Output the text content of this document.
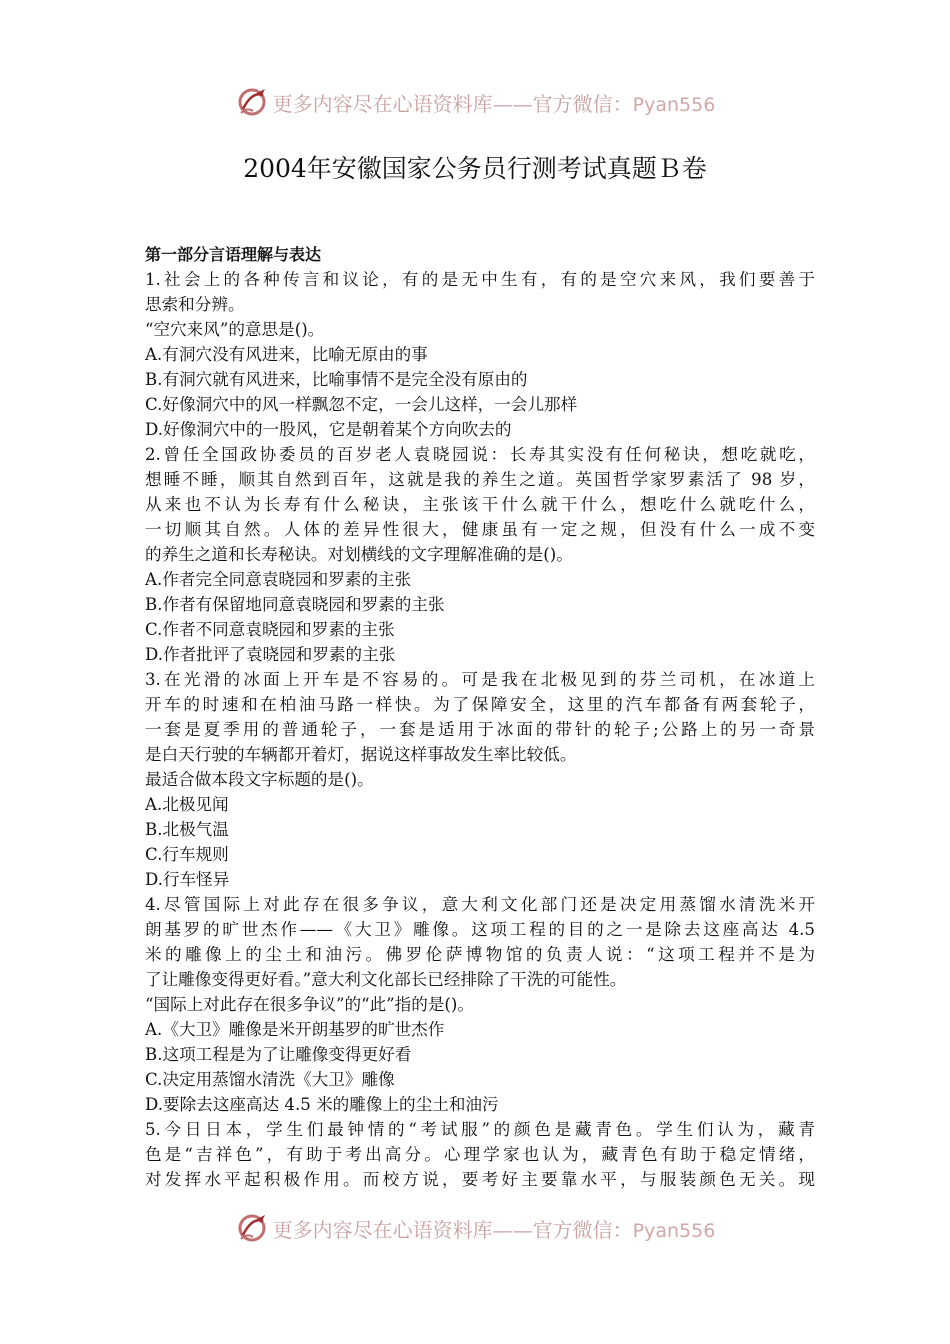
更多内容尽在心语资料库——官方微信：Pyan556
2004年安徽国家公务员行测考试真题Ｂ卷
第一部分言语理解与表达
1.社会上的各种传言和议论，有的是无中生有，有的是空穴来风，我们要善于
思索和分辨。
“空穴来风”的意思是()。
A.有洞穴没有风进来，比喻无原由的事
B.有洞穴就有风进来，比喻事情不是完全没有原由的
C.好像洞穴中的风一样飘忽不定，一会儿这样，一会儿那样
D.好像洞穴中的一股风，它是朝着某个方向吹去的
2.曾任全国政协委员的百岁老人袁晓园说：长寿其实没有任何秘诀，想吃就吃，
想睡不睡，顺其自然到百年，这就是我的养生之道。英国哲学家罗素活了 98 岁，
从来也不认为长寿有什么秘诀，主张该干什么就干什么，想吃什么就吃什么，
一切顺其自然。人体的差异性很大，健康虽有一定之规，但没有什么一成不变
的养生之道和长寿秘诀。对划横线的文字理解准确的是()。
A.作者完全同意袁晓园和罗素的主张
B.作者有保留地同意袁晓园和罗素的主张
C.作者不同意袁晓园和罗素的主张
D.作者批评了袁晓园和罗素的主张
3.在光滑的冰面上开车是不容易的。可是我在北极见到的芬兰司机，在冰道上
开车的时速和在柏油马路一样快。为了保障安全，这里的汽车都备有两套轮子，
一套是夏季用的普通轮子，一套是适用于冰面的带针的轮子;公路上的另一奇景
是白天行驶的车辆都开着灯，据说这样事故发生率比较低。
最适合做本段文字标题的是()。
A.北极见闻
B.北极气温
C.行车规则
D.行车怪异
4.尽管国际上对此存在很多争议，意大利文化部门还是决定用蒸馏水清洗米开
朗基罗的旷世杰作——《大卫》雕像。这项工程的目的之一是除去这座高达 4.5
米的雕像上的尘土和油污。佛罗伦萨博物馆的负责人说：“这项工程并不是为
了让雕像变得更好看。”意大利文化部长已经排除了干洗的可能性。
“国际上对此存在很多争议”的“此”指的是()。
A.《大卫》雕像是米开朗基罗的旷世杰作
B.这项工程是为了让雕像变得更好看
C.决定用蒸馏水清洗《大卫》雕像
D.要除去这座高达 4.5 米的雕像上的尘土和油污
5.今日日本，学生们最钟情的“考试服”的颜色是藏青色。学生们认为，藏青
色是“吉祥色”，有助于考出高分。心理学家也认为，藏青色有助于稳定情绪，
对发挥水平起积极作用。而校方说，要考好主要靠水平，与服装颜色无关。现
更多内容尽在心语资料库——官方微信：Pyan556
